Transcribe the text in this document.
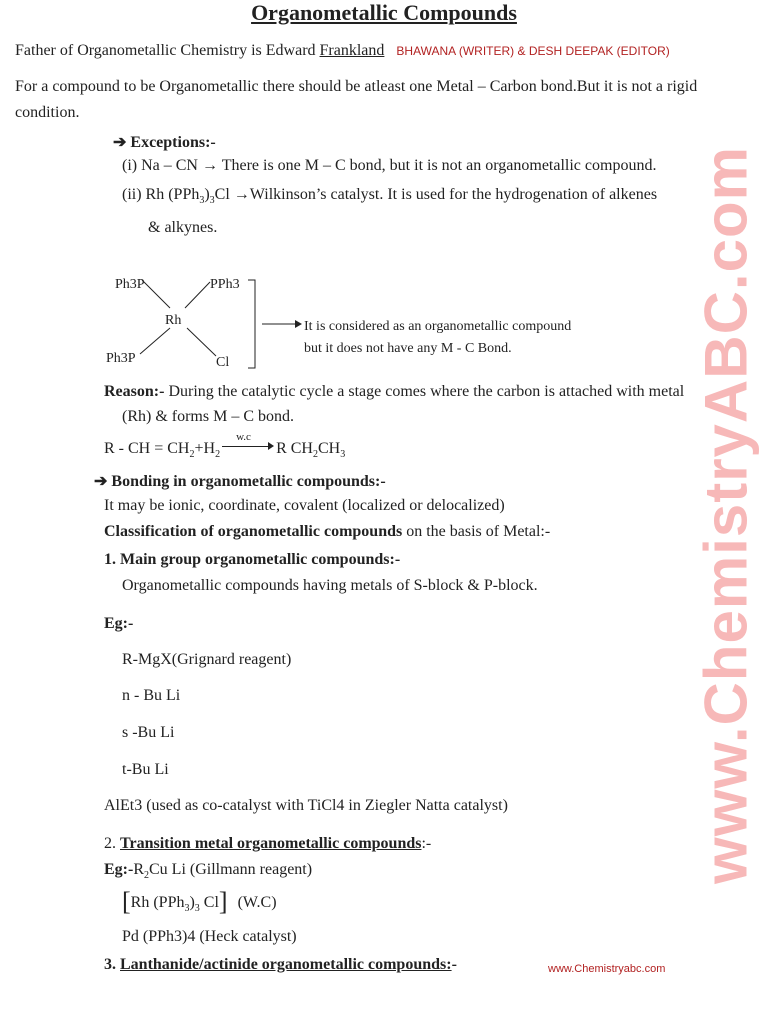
Organometallic Compounds
Father of Organometallic Chemistry is Edward Frankland BHAWANA (WRITER) & DESH DEEPAK (EDITOR)
For a compound to be Organometallic there should be atleast one Metal – Carbon bond.But it is not a rigid
condition.
➔ Exceptions:-
(i) Na – CN → There is one M – C bond, but it is not an organometallic compound.
(ii) Rh $(PPh_3)_3Cl$ →Wilkinson’s catalyst. It is used for the hydrogenation of alkenes
& alkynes.
Ph3P	PPh3
Rh
Ph3P	Cl
It is considered as an organometallic compound
but it does not have any M - C Bond.
Reason:- During the catalytic cycle a stage comes where the carbon is attached with metal
(Rh) & forms M – C bond.
R - CH = $CH_2+H_2$
w.c
R $CH_2CH_3$
➔ Bonding in organometallic compounds:-
It may be ionic, coordinate, covalent (localized or delocalized)
Classification of organometallic compounds on the basis of Metal:-
1. Main group organometallic compounds:-
Organometallic compounds having metals of S-block & P-block.
Eg:-
R-MgX(Grignard reagent)
n - Bu Li
s -Bu Li
t-Bu Li
AlEt3 (used as co-catalyst with TiCl4 in Ziegler Natta catalyst)
2. Transition metal organometallic compounds:-
$Eg:-R_2Cu$ Li (Gillmann reagent)
[Rh $(PPh_3)_3$ Cl] (W.C)
Pd (PPh3)4 (Heck catalyst)
3. Lanthanide/actinide organometallic compounds:-	www.Chemistryabc.com
www.ChemistryABC.com
